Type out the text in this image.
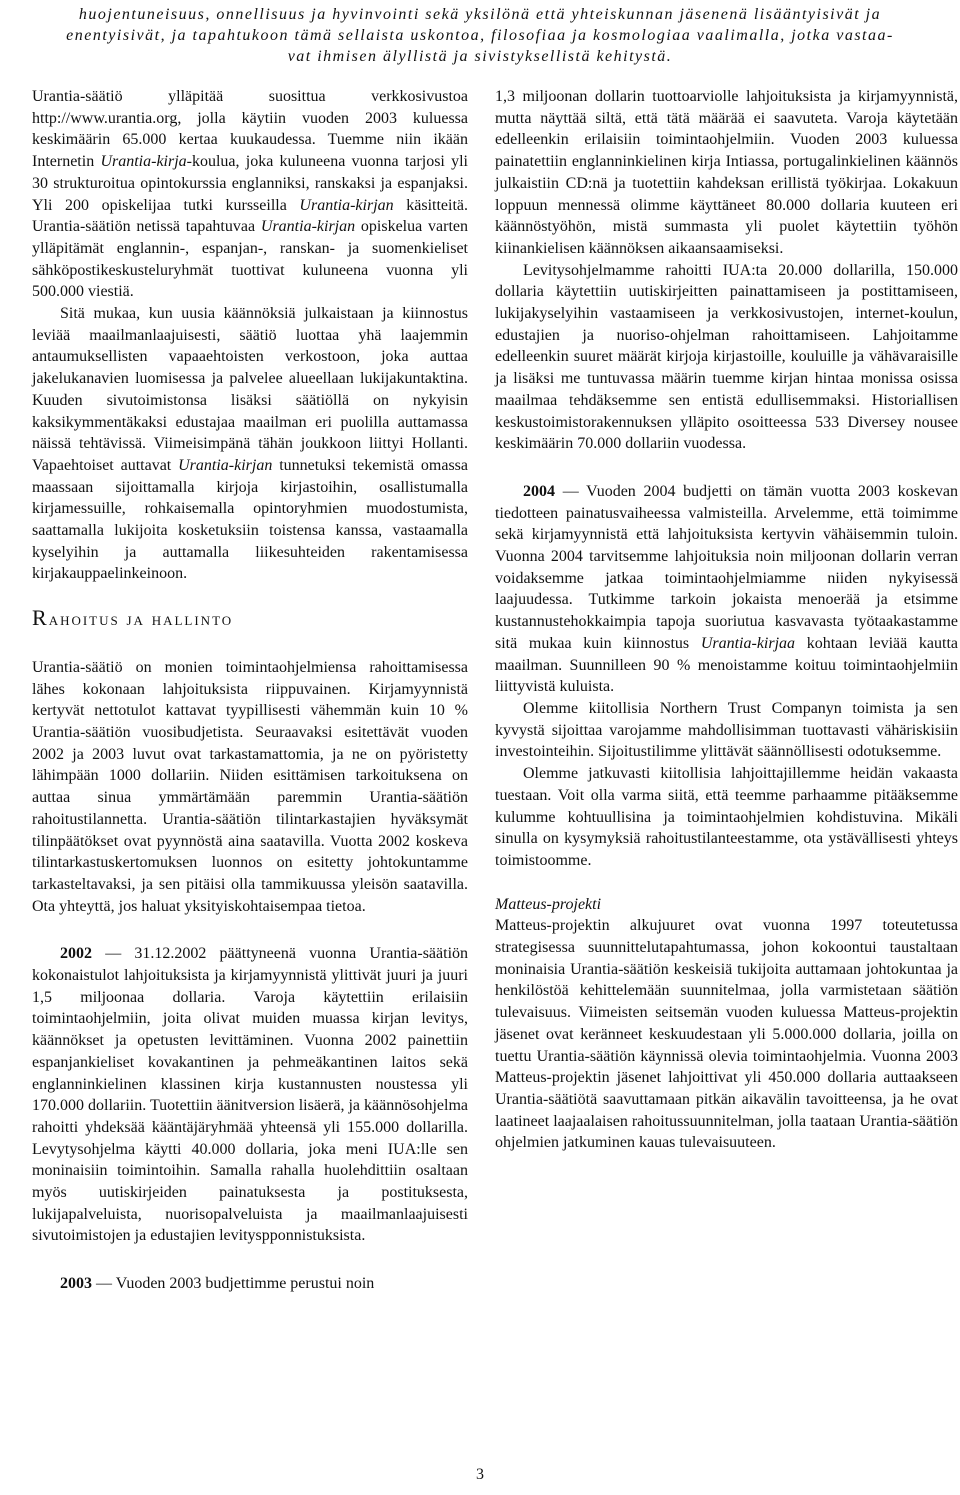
huojentuneisuus, onnellisuus ja hyvinvointi sekä yksilönä että yhteiskunnan jäsenenä lisääntyisivät ja

enentyisivät, ja tapahtukoon tämä sellaista uskontoa, filosofiaa ja kosmologiaa vaalimalla, jotka vastaa-

vat ihmisen älyllistä ja sivistyksellistä kehitystä.

Urantia-säätiö ylläpitää suosittua verkkosivustoa http://www.urantia.org, jolla käytiin vuoden 2003 kuluessa keskimäärin 65.000 kertaa kuukaudessa. Tuemme niin ikään Internetin Urantia-kirja-koulua, joka kuluneena vuonna tarjosi yli 30 strukturoitua opintokurssia englanniksi, ranskaksi ja espanjaksi. Yli 200 opiskelijaa tutki kursseilla Urantia-kirjan käsitteitä. Urantia-säätiön netissä tapahtuvaa Urantia-kirjan opiskelua varten ylläpitämät englannin-, espanjan-, ranskan- ja suomenkieliset sähköpostikeskusteluryhmät tuottivat kuluneena vuonna yli 500.000 viestiä.

Sitä mukaa, kun uusia käännöksiä julkaistaan ja kiinnostus leviää maailmanlaajuisesti, säätiö luottaa yhä laajemmin antaumuksellisten vapaaehtoisten verkostoon, joka auttaa jakelukanavien luomisessa ja palvelee alueellaan lukijakuntaktina. Kuuden sivutoimistonsa lisäksi säätiöllä on nykyisin kaksikymmentäkaksi edustajaa maailman eri puolilla auttamassa näissä tehtävissä. Viimeisimpänä tähän joukkoon liittyi Hollanti. Vapaehtoiset auttavat Urantia-kirjan tunnetuksi tekemistä omassa maassaan sijoittamalla kirjoja kirjastoihin, osallistumalla kirjamessuille, rohkaisemalla opintoryhmien muodostumista, saattamalla lukijoita kosketuksiin toistensa kanssa, vastaamalla kyselyihin ja auttamalla liikesuhteiden rakentamisessa kirjakauppaelinkeinoon.

Rahoitus ja hallinto

Urantia-säätiö on monien toimintaohjelmiensa rahoittamisessa lähes kokonaan lahjoituksista riippuvainen. Kirjamyynnistä kertyvät nettotulot kattavat tyypillisesti vähemmän kuin 10 % Urantia-säätiön vuosibudjetista. Seuraavaksi esitettävät vuoden 2002 ja 2003 luvut ovat tarkastamattomia, ja ne on pyöristetty lähimpään 1000 dollariin. Niiden esittämisen tarkoituksena on auttaa sinua ymmärtämään paremmin Urantia-säätiön rahoitustilannetta. Urantia-säätiön tilintarkastajien hyväksymät tilinpäätökset ovat pyynnöstä aina saatavilla. Vuotta 2002 koskeva tilintarkastuskertomuksen luonnos on esitetty johtokuntamme tarkasteltavaksi, ja sen pitäisi olla tammikuussa yleisön saatavilla. Ota yhteyttä, jos haluat yksityiskohtaisempaa tietoa.

2002 — 31.12.2002 päättyneenä vuonna Urantia-säätiön kokonaistulot lahjoituksista ja kirjamyynnistä ylittivät juuri ja juuri 1,5 miljoonaa dollaria. Varoja käytettiin erilaisiin toimintaohjelmiin, joita olivat muiden muassa kirjan levitys, käännökset ja opetusten levittäminen. Vuonna 2002 painettiin espanjankieliset kovakantinen ja pehmeäkantinen laitos sekä englanninkielinen klassinen kirja kustannusten noustessa yli 170.000 dollariin. Tuotettiin äänitversion lisäerä, ja käännösohjelma rahoitti yhdeksää kääntäjäryhmää yhteensä yli 155.000 dollarilla. Levytysohjelma käytti 40.000 dollaria, joka meni IUA:lle sen moninaisiin toimintoihin. Samalla rahalla huolehdittiin osaltaan myös uutiskirjeiden painatuksesta ja postituksesta, lukijapalveluista, nuorisopalveluista ja maailmanlaajuisesti sivutoimistojen ja edustajien levityspponnistuksista.

2003 — Vuoden 2003 budjettimme perustui noin

1,3 miljoonan dollarin tuottoarviolle lahjoituksista ja kirjamyynnistä, mutta näyttää siltä, että tätä määrää ei saavuteta. Varoja käytetään edelleenkin erilaisiin toimintaohjelmiin. Vuoden 2003 kuluessa painatettiin englanninkielinen kirja Intiassa, portugalinkielinen käännös julkaistiin CD:nä ja tuotettiin kahdeksan erillistä työkirjaa. Lokakuun loppuun mennessä olimme käyttäneet 80.000 dollaria kuuteen eri käännöstyöhön, mistä summasta yli puolet käytettiin työhön kiinankielisen käännöksen aikaansaamiseksi.

Levitysohjelmamme rahoitti IUA:ta 20.000 dollarilla, 150.000 dollaria käytettiin uutiskirjeitten painattamiseen ja postittamiseen, lukijakyselyihin vastaamiseen ja verkkosivustojen, internet-koulun, edustajien ja nuoriso-ohjelman rahoittamiseen. Lahjoitamme edelleenkin suuret määrät kirjoja kirjastoille, kouluille ja vähävaraisille ja lisäksi me tuntuvassa määrin tuemme kirjan hintaa monissa osissa maailmaa tehdäksemme sen entistä edullisemmaksi. Historiallisen keskustoimistorakennuksen ylläpito osoitteessa 533 Diversey nousee keskimäärin 70.000 dollariin vuodessa.

2004 — Vuoden 2004 budjetti on tämän vuotta 2003 koskevan tiedotteen painatusvaiheessa valmisteilla. Arvelemme, että toimimme sekä kirjamyynnistä että lahjoituksista kertyvin vähäisemmin tuloin. Vuonna 2004 tarvitsemme lahjoituksia noin miljoonan dollarin verran voidaksemme jatkaa toimintaohjelmiamme niiden nykyisessä laajuudessa. Tutkimme tarkoin jokaista menoerää ja etsimme kustannustehokkaimpia tapoja suoriutua kasvavasta työtaakastamme sitä mukaa kuin kiinnostus Urantia-kirjaa kohtaan leviää kautta maailman. Suunnilleen 90 % menoistamme koituu toimintaohjelmiin liittyvistä kuluista.

Olemme kiitollisia Northern Trust Companyn toimista ja sen kyvystä sijoittaa varojamme mahdollisimman tuottavasti vähäriskisiin investointeihin. Sijoitustilimme ylittävät säännöllisesti odotuksemme.

Olemme jatkuvasti kiitollisia lahjoittajillemme heidän vakaasta tuestaan. Voit olla varma siitä, että teemme parhaamme pitääksemme kulumme kohtuullisina ja toimintaohjelmien kohdistuvina. Mikäli sinulla on kysymyksiä rahoitustilanteestamme, ota ystävällisesti yhteys toimistoomme.

Matteus-projekti

Matteus-projektin alkujuuret ovat vuonna 1997 toteutetussa strategisessa suunnittelutapahtumassa, johon kokoontui taustaltaan moninaisia Urantia-säätiön keskeisiä tukijoita auttamaan johtokuntaa ja henkilöstöä kehittelemään suunnitelmaa, jolla varmistetaan säätiön tulevaisuus. Viimeisten seitsemän vuoden kuluessa Matteus-projektin jäsenet ovat keränneet keskuudestaan yli 5.000.000 dollaria, joilla on tuettu Urantia-säätiön käynnissä olevia toimintaohjelmia. Vuonna 2003 Matteus-projektin jäsenet lahjoittivat yli 450.000 dollaria auttaakseen Urantia-säätiötä saavuttamaan pitkän aikavälin tavoitteensa, ja he ovat laatineet laajaalaisen rahoitussuunnitelman, jolla taataan Urantia-säätiön ohjelmien jatkuminen kauas tulevaisuuteen.

3
